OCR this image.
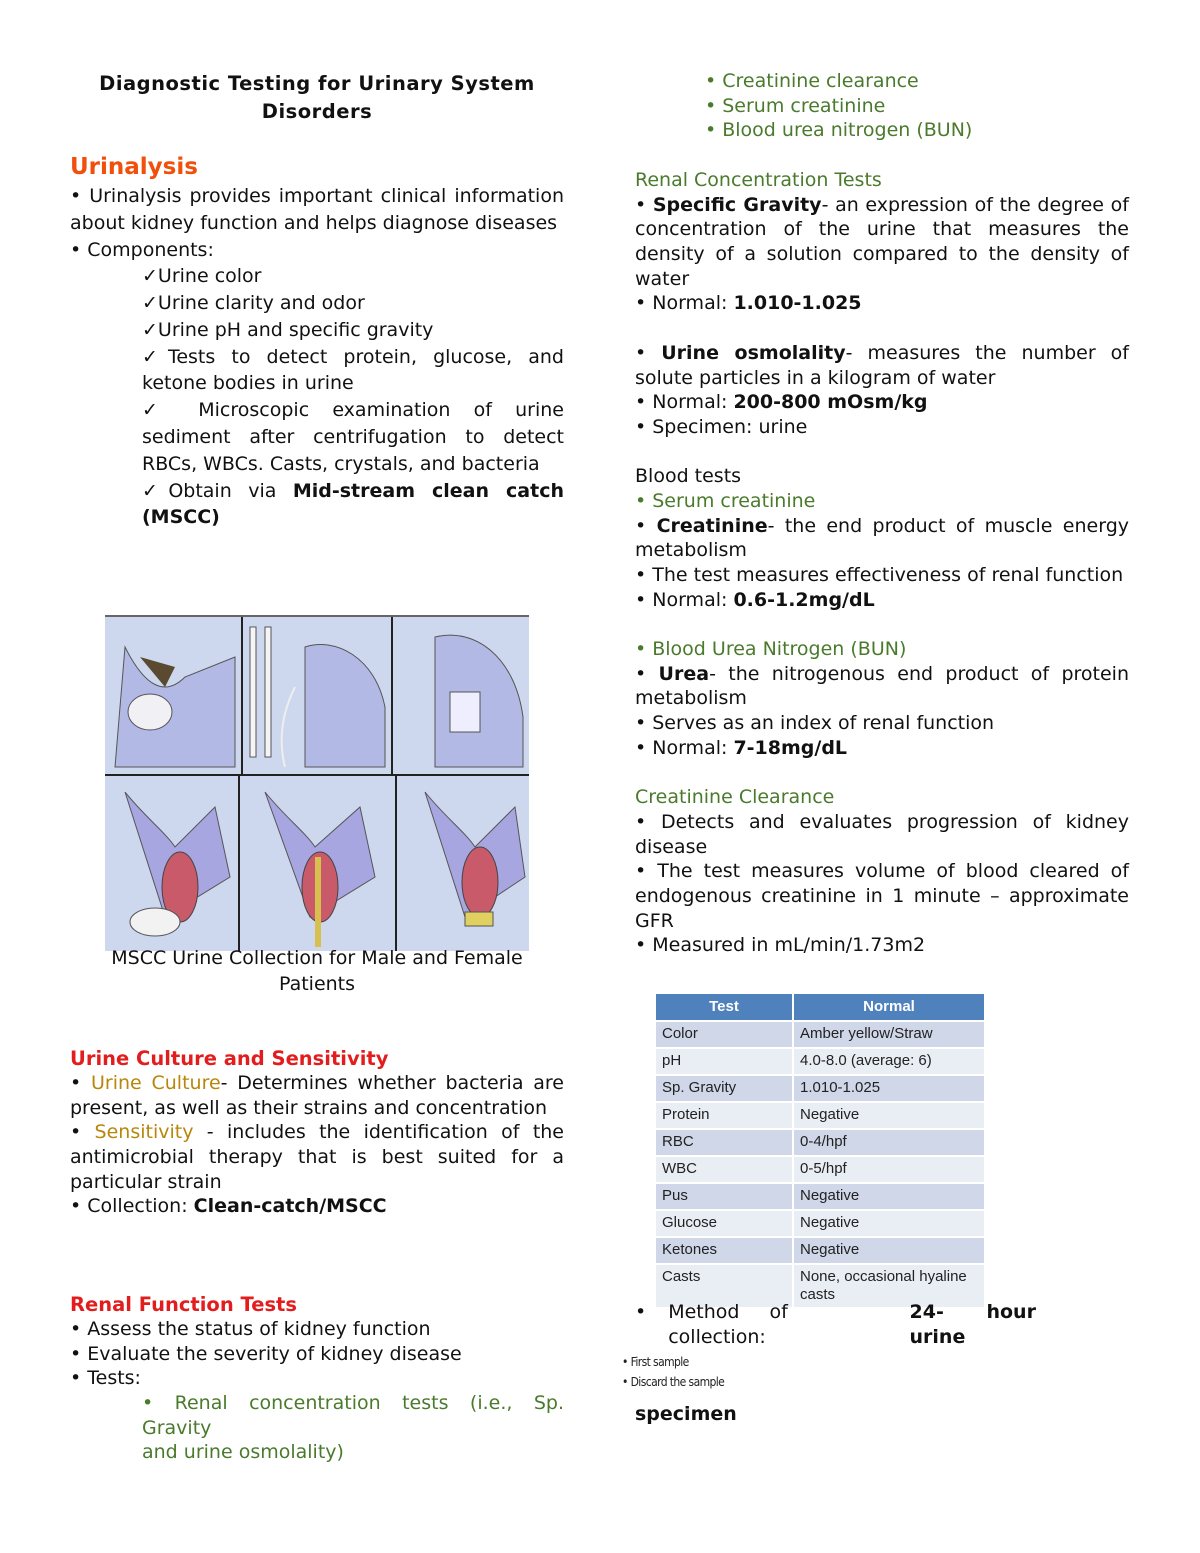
Diagnostic Testing for Urinary System
Disorders
Urinalysis

• Urinalysis provides important clinical information about kidney function and helps diagnose diseases

• Components:

✓Urine color

✓Urine clarity and odor

✓Urine pH and specific gravity

✓Tests to detect protein, glucose, and ketone bodies in urine

✓ Microscopic examination of urine sediment after centrifugation to detect RBCs, WBCs. Casts, crystals, and bacteria

✓Obtain via Mid-stream clean catch (MSCC)

MSCC Urine Collection for Male and Female
Patients
Urine Culture and Sensitivity

• Urine Culture- Determines whether bacteria are present, as well as their strains and concentration

• Sensitivity - includes the identification of the antimicrobial therapy that is best suited for a particular strain

• Collection: Clean-catch/MSCC

Renal Function Tests

• Assess the status of kidney function

• Evaluate the severity of kidney disease

• Tests:

• Renal concentration tests (i.e., Sp. Gravity

and urine osmolality)

• Creatinine clearance

• Serum creatinine

• Blood urea nitrogen (BUN)

Renal Concentration Tests

• Specific Gravity- an expression of the degree of concentration of the urine that measures the density of a solution compared to the density of water

• Normal: 1.010-1.025

• Urine osmolality- measures the number of solute particles in a kilogram of water

• Normal: 200-800 mOsm/kg

• Specimen: urine

Blood tests

• Serum creatinine

• Creatinine- the end product of muscle energy metabolism

• The test measures effectiveness of renal function

• Normal: 0.6-1.2mg/dL

• Blood Urea Nitrogen (BUN)

• Urea- the nitrogenous end product of protein metabolism

• Serves as an index of renal function

• Normal: 7-18mg/dL

Creatinine Clearance

• Detects and evaluates progression of kidney disease

• The test measures volume of blood cleared of endogenous creatinine in 1 minute – approximate GFR

• Measured in mL/min/1.73m2

Test	Normal
Color	Amber yellow/Straw
pH	4.0-8.0 (average: 6)
Sp. Gravity	1.010-1.025
Protein	Negative
RBC	0-4/hpf
WBC	0-5/hpf
Pus	Negative
Glucose	Negative
Ketones	Negative
Casts	None, occasional hyaline casts
• Method of collection:
24- hour urine
• First sample
• Discard the sample
specimen
